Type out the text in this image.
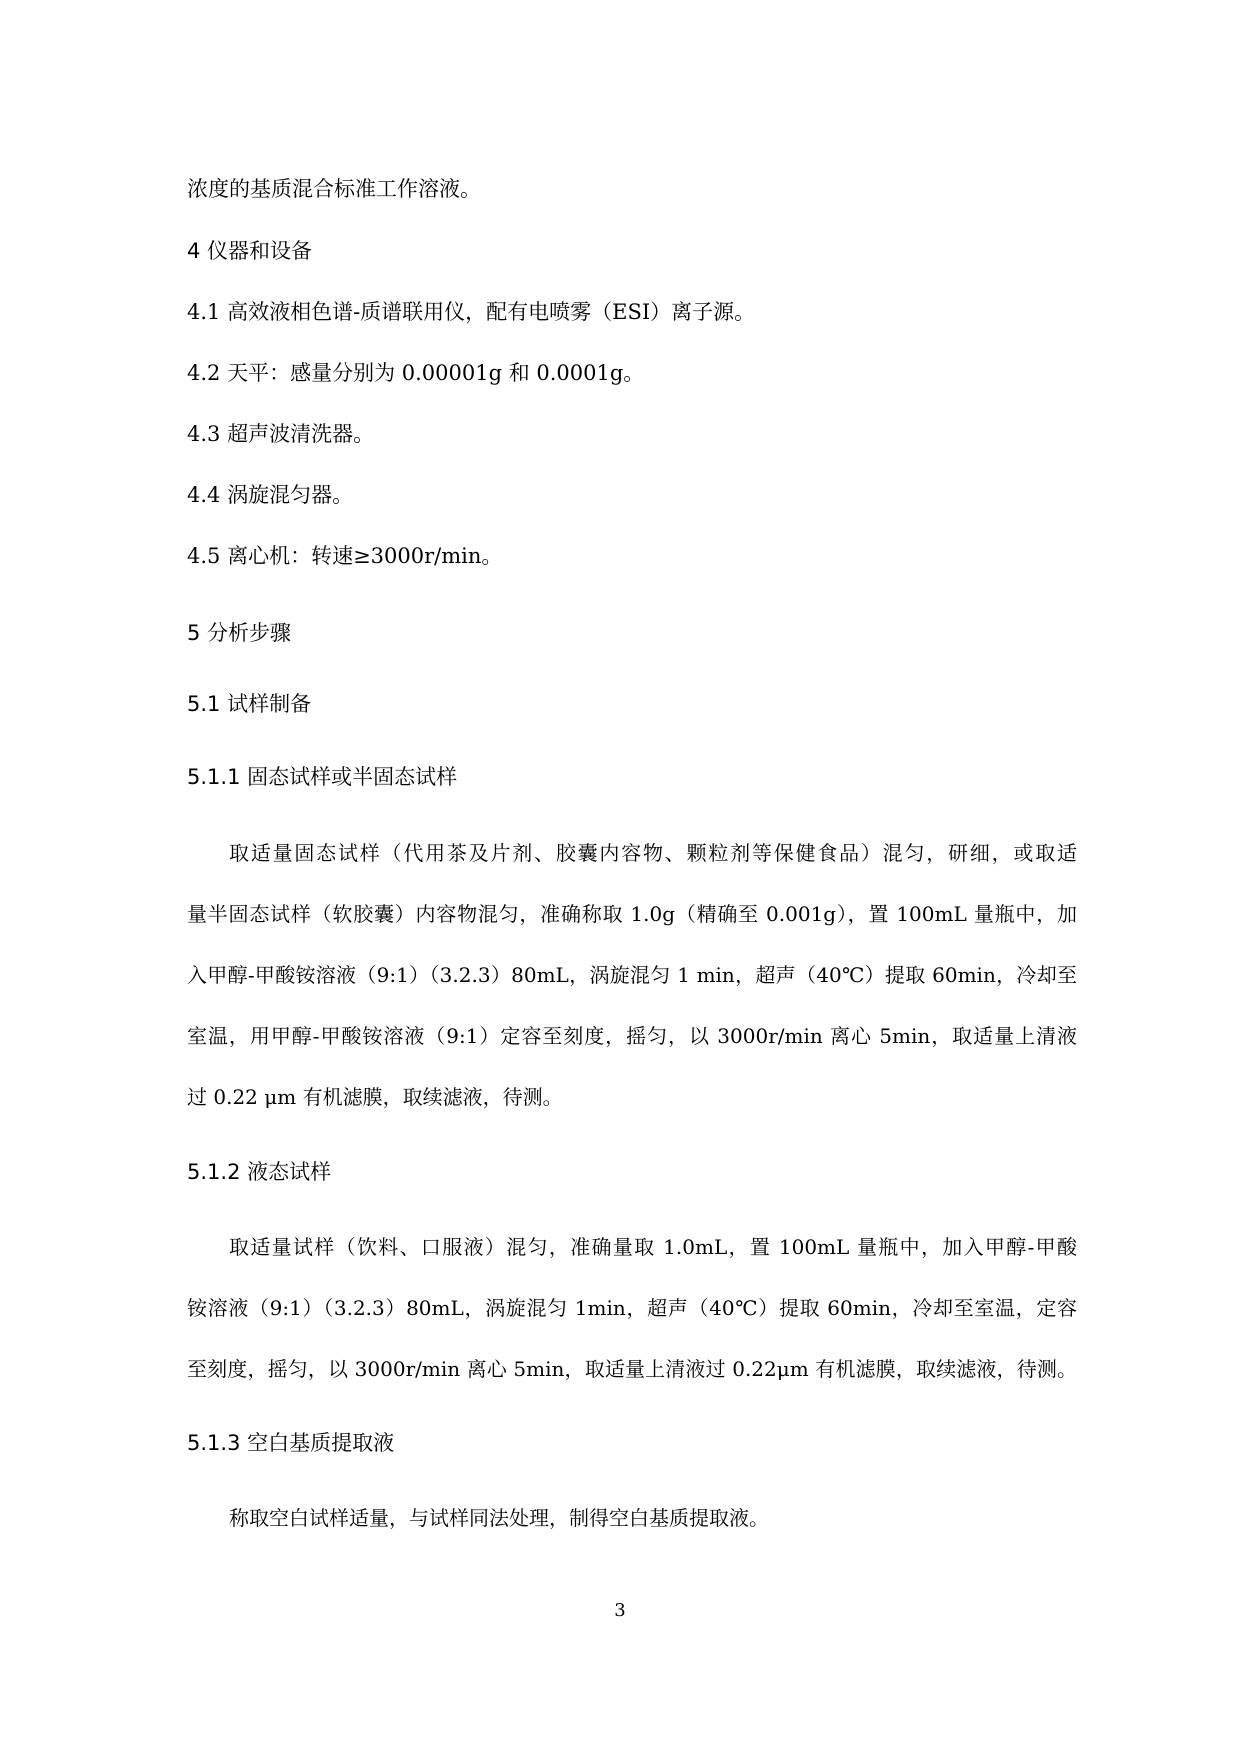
浓度的基质混合标准工作溶液。
4 仪器和设备
4.1 高效液相色谱-质谱联用仪，配有电喷雾（ESI）离子源。
4.2 天平：感量分别为 0.00001g 和 0.0001g。
4.3 超声波清洗器。
4.4 涡旋混匀器。
4.5 离心机：转速≥3000r/min。
5 分析步骤
5.1 试样制备
5.1.1 固态试样或半固态试样
取适量固态试样（代用茶及片剂、胶囊内容物、颗粒剂等保健食品）混匀，研细，或取适
量半固态试样（软胶囊）内容物混匀，准确称取 1.0g（精确至 0.001g），置 100mL 量瓶中，加
入甲醇-甲酸铵溶液（9:1）（3.2.3）80mL，涡旋混匀 1 min，超声（40℃）提取 60min，冷却至
室温，用甲醇-甲酸铵溶液（9:1）定容至刻度，摇匀，以 3000r/min 离心 5min，取适量上清液
过 0.22 μm 有机滤膜，取续滤液，待测。
5.1.2 液态试样
取适量试样（饮料、口服液）混匀，准确量取 1.0mL，置 100mL 量瓶中，加入甲醇-甲酸
铵溶液（9:1）（3.2.3）80mL，涡旋混匀 1min，超声（40℃）提取 60min，冷却至室温，定容
至刻度，摇匀，以 3000r/min 离心 5min，取适量上清液过 0.22μm 有机滤膜，取续滤液，待测。
5.1.3 空白基质提取液
称取空白试样适量，与试样同法处理，制得空白基质提取液。
3
